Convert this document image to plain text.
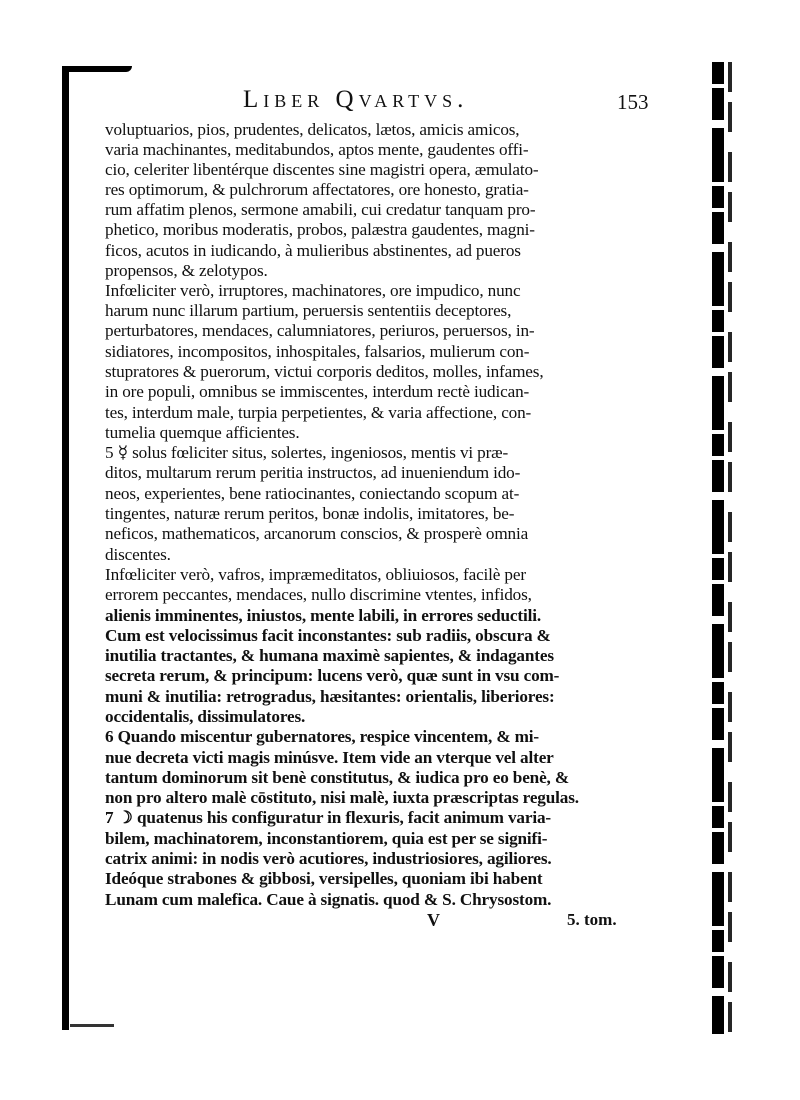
Liber Qvartvs.	153
voluptuarios, pios, prudentes, delicatos, lætos, amicis amicos,
varia machinantes, meditabundos, aptos mente, gaudentes offi-
cio, celeriter libentérque discentes sine magistri opera, æmulato-
res optimorum, & pulchrorum affectatores, ore honesto, gratia-
rum affatim plenos, sermone amabili, cui credatur tanquam pro-
phetico, moribus moderatis, probos, palæstra gaudentes, magni-
ficos, acutos in iudicando, à mulieribus abstinentes, ad pueros
propensos, & zelotypos.
Infœliciter verò, irruptores, machinatores, ore impudico, nunc
harum nunc illarum partium, peruersis sententiis deceptores,
perturbatores, mendaces, calumniatores, periuros, peruersos, in-
sidiatores, incompositos, inhospitales, falsarios, mulierum con-
stupratores & puerorum, victui corporis deditos, molles, infames,
in ore populi, omnibus se immiscentes, interdum rectè iudican-
tes, interdum male, turpia perpetientes, & varia affectione, con-
tumelia quemque afficientes.
5 ☿ solus fœliciter situs, solertes, ingeniosos, mentis vi præ-
ditos, multarum rerum peritia instructos, ad inueniendum ido-
neos, experientes, bene ratiocinantes, coniectando scopum at-
tingentes, naturæ rerum peritos, bonæ indolis, imitatores, be-
neficos, mathematicos, arcanorum conscios, & prosperè omnia
discentes.
Infœliciter verò, vafros, impræmeditatos, obliuiosos, facilè per
errorem peccantes, mendaces, nullo discrimine vtentes, infidos,
alienis imminentes, iniustos, mente labili, in errores seductili.
Cum est velocissimus facit inconstantes: sub radiis, obscura &
inutilia tractantes, & humana maximè sapientes, & indagantes
secreta rerum, & principum: lucens verò, quæ sunt in vsu com-
muni & inutilia: retrogradus, hæsitantes: orientalis, liberiores:
occidentalis, dissimulatores.
6 Quando miscentur gubernatores, respice vincentem, & mi-
nue decreta victi magis minúsve. Item vide an vterque vel alter
tantum dominorum sit benè constitutus, & iudica pro eo benè, &
non pro altero malè cōstituto, nisi malè, iuxta præscriptas regulas.
7 ☽ quatenus his configuratur in flexuris, facit animum varia-
bilem, machinatorem, inconstantiorem, quia est per se signifi-
catrix animi: in nodis verò acutiores, industriosiores, agiliores.
Ideóque strabones & gibbosi, versipelles, quoniam ibi habent
Lunam cum malefica. Caue à signatis. quod & S. Chrysostom.
V	5. tom.
